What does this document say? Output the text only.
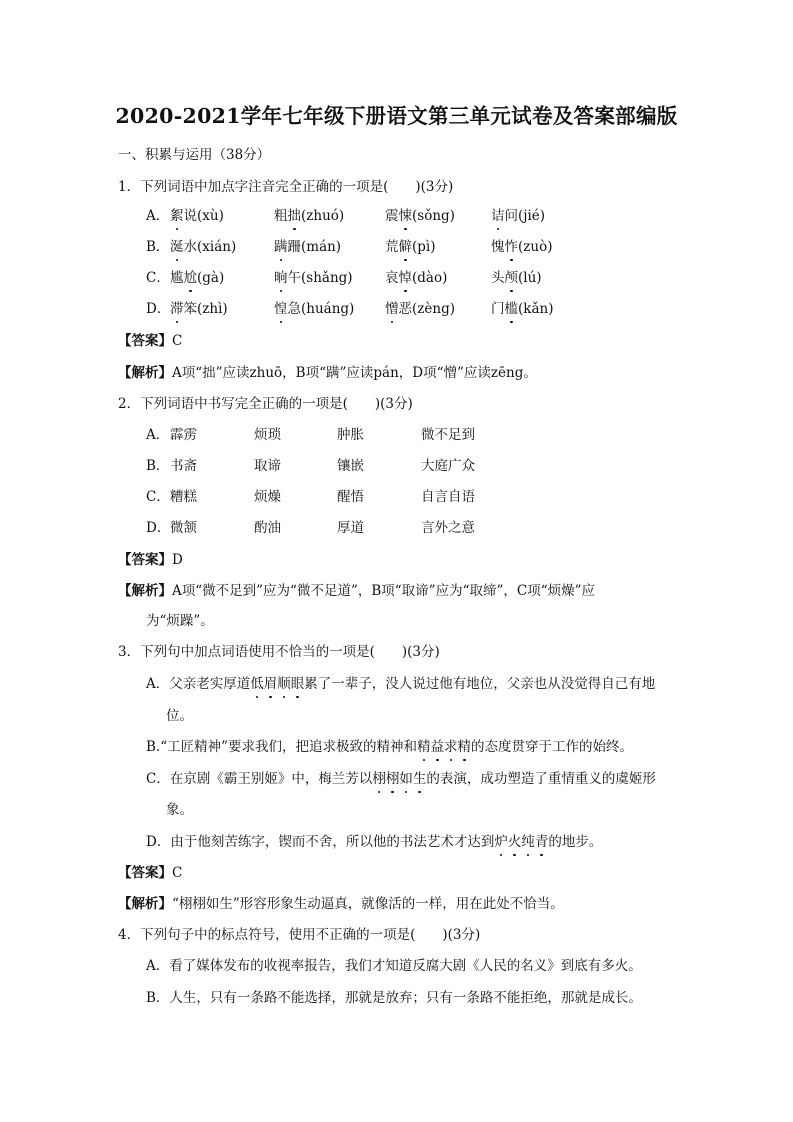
2020-2021学年七年级下册语文第三单元试卷及答案部编版
一、积累与运用（38分）
1．下列词语中加点字注音完全正确的一项是(　　)(3分)
A． 絮说(xù)	粗拙(zhuó)	震悚(sǒng)	诘问(jié)
B． 涎水(xián)	蹒跚(mán)	荒僻(pì)	愧怍(zuò)
C． 尴尬(gà)	晌午(shǎng) 哀悼(dào)	头颅(lú)
D． 滞笨(zhì)	惶急(huáng) 憎恶(zèng)	门槛(kǎn)
【答案】C
【解析】A项“拙”应读zhuō，B项“蹒”应读pán，D项“憎”应读zēng。
2．下列词语中书写完全正确的一项是(　　)(3分)
A． 霹雳	烦琐	肿胀	微不足到
B． 书斋	取谛	镶嵌	大庭广众
C． 糟糕	烦燥	醒悟	自言自语
D． 微颔	酌油	厚道	言外之意
【答案】D
【解析】A项“微不足到”应为“微不足道”，B项“取谛”应为“取缔”，C项“烦燥”应
为“烦躁”。
3．下列句中加点词语使用不恰当的一项是(　　)(3分)
A．父亲老实厚道低眉顺眼累了一辈子，没人说过他有地位，父亲也从没觉得自己有地
位。
B.“工匠精神”要求我们，把追求极致的精神和精益求精的态度贯穿于工作的始终。
C．在京剧《霸王别姬》中，梅兰芳以栩栩如生的表演，成功塑造了重情重义的虞姬形
象。
D．由于他刻苦练字，锲而不舍，所以他的书法艺术才达到炉火纯青的地步。
【答案】C
【解析】“栩栩如生”形容形象生动逼真，就像活的一样，用在此处不恰当。
4．下列句子中的标点符号，使用不正确的一项是(　　)(3分)
A．看了媒体发布的收视率报告，我们才知道反腐大剧《人民的名义》到底有多火。
B．人生，只有一条路不能选择，那就是放弃；只有一条路不能拒绝，那就是成长。
